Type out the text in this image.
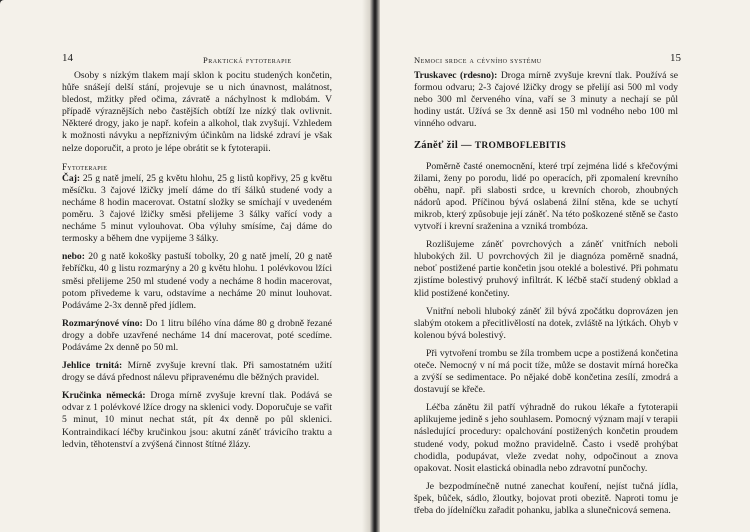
14	Praktická fytoterapie

Osoby s nízkým tlakem mají sklon k pocitu studených končetin, hůře snášejí delší stání, projevuje se u nich únavnost, malátnost, bledost, mžitky před očima, závratě a náchylnost k mdlobám. V případě výraznějších nebo častějších obtíží lze nízký tlak ovlivnit. Některé drogy, jako je např. kofein a alkohol, tlak zvyšují. Vzhledem k možnosti návyku a nepříznivým účinkům na lidské zdraví je však nelze doporučit, a proto je lépe obrátit se k fytoterapii.

Fytoterapie

Čaj: 25 g natě jmelí, 25 g květu hlohu, 25 g listů kopřivy, 25 g květu měsíčku. 3 čajové lžičky jmelí dáme do tří šálků studené vody a necháme 8 hodin macerovat. Ostatní složky se smíchají v uvedeném poměru. 3 čajové lžičky směsi přelijeme 3 šálky vařící vody a necháme 5 minut vylouhovat. Oba výluhy smísíme, čaj dáme do termosky a během dne vypijeme 3 šálky.

nebo: 20 g natě kokošky pastuší tobolky, 20 g natě jmelí, 20 g natě řebříčku, 40 g listu rozmarýny a 20 g květu hlohu. 1 polévkovou lžíci směsi přelijeme 250 ml studené vody a necháme 8 hodin macerovat, potom přivedeme k varu, odstavíme a necháme 20 minut louhovat. Podáváme 2-3x denně před jídlem.

Rozmarýnové víno: Do 1 litru bílého vína dáme 80 g drobně řezané drogy a dobře uzavřené necháme 14 dní macerovat, poté scedíme. Podáváme 2x denně po 50 ml.

Jehlice trnitá: Mírně zvyšuje krevní tlak. Při samostatném užití drogy se dává přednost nálevu připravenému dle běžných pravidel.

Kručinka německá: Droga mírně zvyšuje krevní tlak. Podává se odvar z 1 polévkové lžíce drogy na sklenici vody. Doporučuje se vařit 5 minut, 10 minut nechat stát, pít 4x denně po půl sklenici. Kontraindikací léčby kručinkou jsou: akutní záněť trávicího traktu a ledvin, těhotenství a zvýšená činnost štítné žlázy.

Nemoci srdce a cévního systému	15

Truskavec (rdesno): Droga mírně zvyšuje krevní tlak. Používá se formou odvaru; 2-3 čajové lžičky drogy se přelijí asi 500 ml vody nebo 300 ml červeného vína, vaří se 3 minuty a nechají se půl hodiny ustát. Užívá se 3x denně asi 150 ml vodného nebo 100 ml vinného odvaru.

Záněť žil — TROMBOFLEBITIS

Poměrně časté onemocnění, které trpí zejména lidé s křečovými žilami, ženy po porodu, lidé po operacích, při zpomalení krevního oběhu, např. při slabosti srdce, u krevních chorob, zhoubných nádorů apod. Příčinou bývá oslabená žilní stěna, kde se uchytí mikrob, který způsobuje její záněť. Na této poškozené stěně se často vytvoří i krevní sraženina a vzniká trombóza.

Rozlišujeme záněť povrchových a záněť vnitřních neboli hlubokých žil. U povrchových žil je diagnóza poměrně snadná, neboť postižené partie končetin jsou oteklé a bolestivé. Při pohmatu zjistíme bolestivý pruhový infiltrát. K léčbě stačí studený obklad a klid postižené končetiny.

Vnitřní neboli hluboký záněť žil bývá zpočátku doprovázen jen slabým otokem a přecitlivělostí na dotek, zvláště na lýtkách. Ohyb v kolenou bývá bolestivý.

Při vytvoření trombu se žíla trombem ucpe a postižená končetina oteče. Nemocný v ní má pocit tíže, může se dostavit mírná horečka a zvýší se sedimentace. Po nějaké době končetina zesílí, zmodrá a dostavují se křeče.

Léčba zánětu žil patří výhradně do rukou lékaře a fytoterapii aplikujeme jedině s jeho souhlasem. Pomocný význam mají v terapii následující procedury: opalchování postižených končetin proudem studené vody, pokud možno pravidelně. Často i vsedě prohýbat chodidla, podupávat, vleže zvedat nohy, odpočinout a znova opakovat. Nosit elastická obinadla nebo zdravotní punčochy.

Je bezpodmínečně nutné zanechat kouření, nejíst tučná jídla, špek, bůček, sádlo, žloutky, bojovat proti obezitě. Naproti tomu je třeba do jídelníčku zařadit pohanku, jablka a slunečnicová semena.
